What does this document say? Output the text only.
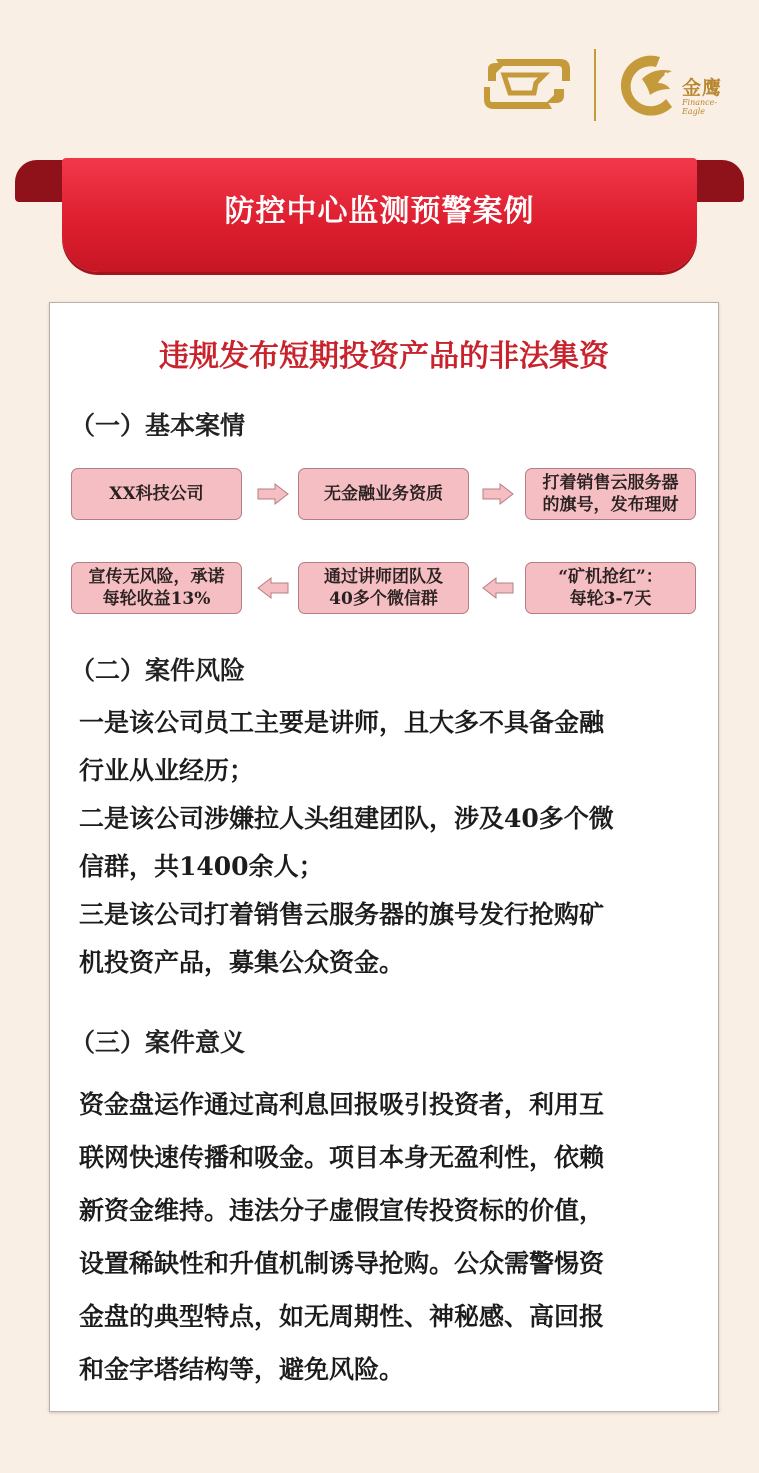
金鹰
Finance-Eagle
防控中心监测预警案例
违规发布短期投资产品的非法集资
（一）基本案情
XX科技公司	无金融业务资质
打着销售云服务器
的旗号，发布理财
宣传无风险，承诺
每轮收益13%
通过讲师团队及
40多个微信群
“矿机抢红”：
每轮3-7天
（二）案件风险
一是该公司员工主要是讲师，且大多不具备金融
行业从业经历；
二是该公司涉嫌拉人头组建团队，涉及40多个微
信群，共1400余人；
三是该公司打着销售云服务器的旗号发行抢购矿
机投资产品，募集公众资金。
（三）案件意义
资金盘运作通过高利息回报吸引投资者，利用互
联网快速传播和吸金。项目本身无盈利性，依赖
新资金维持。违法分子虚假宣传投资标的价值，
设置稀缺性和升值机制诱导抢购。公众需警惕资
金盘的典型特点，如无周期性、神秘感、高回报
和金字塔结构等，避免风险。
